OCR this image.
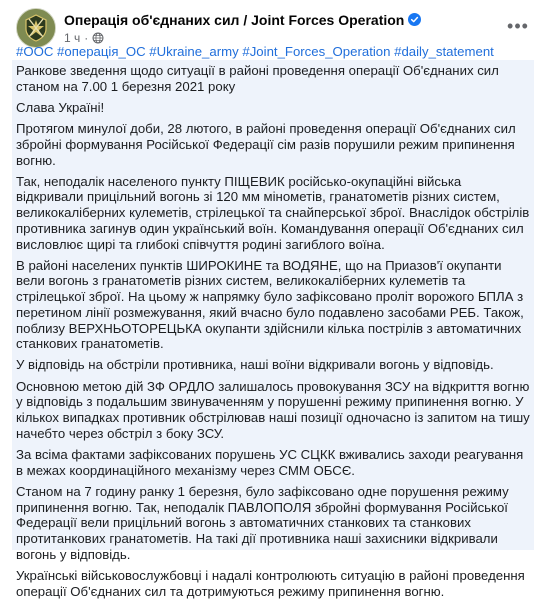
Операція об'єднаних сил / Joint Forces Operation
1 ч ·
•••
#ООС #операція_ОС #Ukraine_army #Joint_Forces_Operation #daily_statement

Ранкове зведення щодо ситуації в районі проведення операції Об'єднаних сил станом на 7.00 1 березня 2021 року

Слава Україні!

Протягом минулої доби, 28 лютого, в районі проведення операції Об'єднаних сил збройні формування Російської Федерації сім разів порушили режим припинення вогню.

Так, неподалік населеного пункту ПІЩЕВИК російсько-окупаційні війська відкривали прицільний вогонь зі 120 мм мінометів, гранатометів різних систем, великокаліберних кулеметів, стрілецької та снайперської зброї. Внаслідок обстрілів противника загинув один український воїн. Командування операції Об'єднаних сил висловлює щирі та глибокі співчуття родині загиблого воїна.

В районі населених пунктів ШИРОКИНЕ та ВОДЯНЕ, що на Приазов'ї окупанти вели вогонь з гранатометів різних систем, великокаліберних кулеметів та стрілецької зброї. На цьому ж напрямку було зафіксовано проліт ворожого БПЛА з перетином лінії розмежування, який вчасно було подавлено засобами РЕБ. Також, поблизу ВЕРХНЬОТОРЕЦЬКА окупанти здійснили кілька пострілів з автоматичних станкових гранатометів.

У відповідь на обстріли противника, наші воїни відкривали вогонь у відповідь.

Основною метою дій ЗФ ОРДЛО залишалось провокування ЗСУ на відкриття вогню у відповідь з подальшим звинуваченням у порушенні режиму припинення вогню. У кількох випадках противник обстрілював наші позиції одночасно із запитом на тишу начебто через обстріл з боку ЗСУ.

За всіма фактами зафіксованих порушень УС СЦКК вживались заходи реагування в межах координаційного механізму через СММ ОБСЄ.

Станом на 7 годину ранку 1 березня, було зафіксовано одне порушення режиму припинення вогню. Так, неподалік ПАВЛОПОЛЯ збройні формування Російської Федерації вели прицільний вогонь з автоматичних станкових та станкових протитанкових гранатометів. На такі дії противника наші захисники відкривали вогонь у відповідь.

Українські військовослужбовці і надалі контролюють ситуацію в районі проведення операції Об'єднаних сил та дотримуються режиму припинення вогню.
